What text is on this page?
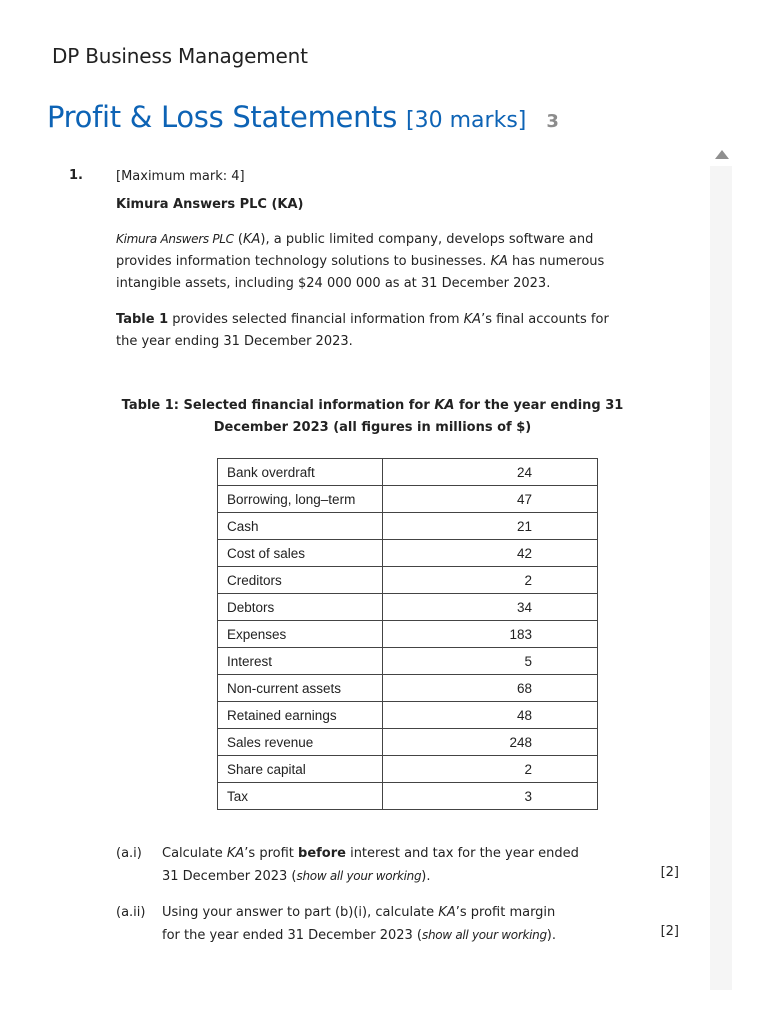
DP Business Management
Profit & Loss Statements [30 marks] 3
1.	[Maximum mark: 4]

Kimura Answers PLC (KA)

Kimura Answers PLC (KA), a public limited company, develops software and provides information technology solutions to businesses. KA has numerous intangible assets, including $24 000 000 as at 31 December 2023.

Table 1 provides selected financial information from KA’s final accounts for the year ending 31 December 2023.

Table 1: Selected financial information for KA for the year ending 31 December 2023 (all figures in millions of $)
Bank overdraft	24
Borrowing, long–term	47
Cash	21
Cost of sales	42
Creditors	2
Debtors	34
Expenses	183
Interest	5
Non-current assets	68
Retained earnings	48
Sales revenue	248
Share capital	2
Tax	3
(a.i) Calculate KA’s profit before interest and tax for the year ended 31 December 2023 (show all your working).	[2]
(a.ii) Using your answer to part (b)(i), calculate KA’s profit margin for the year ended 31 December 2023 (show all your working).	[2]
